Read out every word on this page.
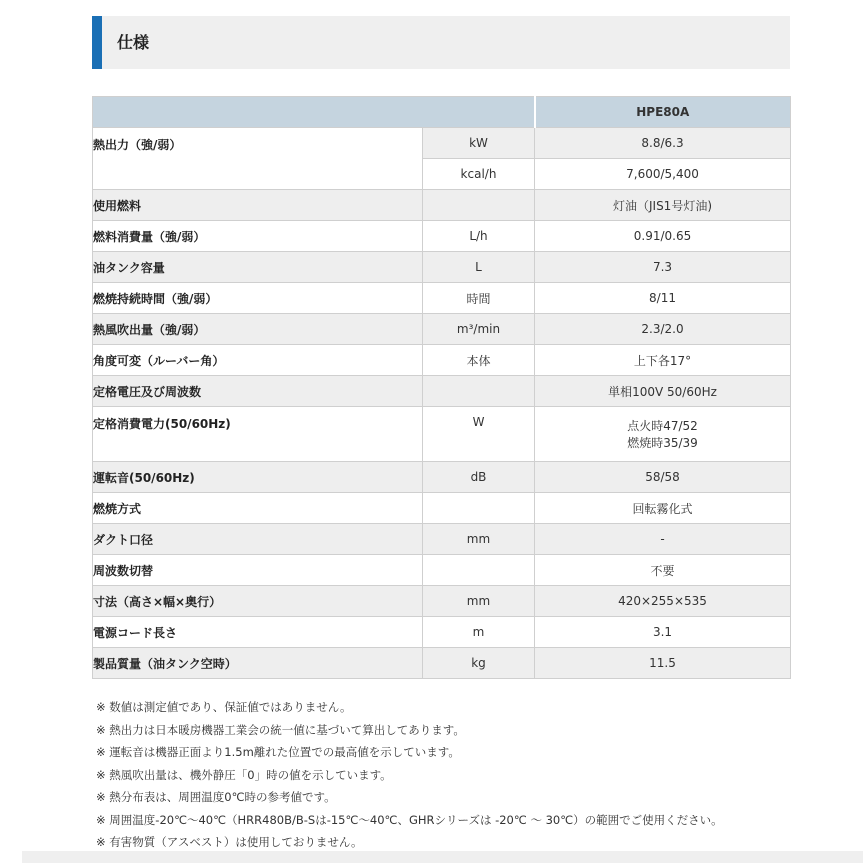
仕様
		HPE80A
熱出力（強/弱）	kW	8.8/6.3
	kcal/h	7,600/5,400
使用燃料		灯油（JIS1号灯油)
燃料消費量（強/弱）	L/h	0.91/0.65
油タンク容量	L	7.3
燃焼持続時間（強/弱）	時間	8/11
熱風吹出量（強/弱）	m³/min	2.3/2.0
角度可変（ルーバー角）	本体	上下各17°
定格電圧及び周波数		単相100V 50/60Hz
定格消費電力(50/60Hz)	W	点火時47/52
燃焼時35/39

運転音(50/60Hz)	dB	58/58
燃焼方式		回転霧化式
ダクト口径	mm	-
周波数切替		不要
寸法（高さ×幅×奥行）	mm	420×255×535
電源コード長さ	m	3.1
製品質量（油タンク空時）	kg	11.5
※ 数値は測定値であり、保証値ではありません。
※ 熱出力は日本暖房機器工業会の統一値に基づいて算出してあります。
※ 運転音は機器正面より1.5m離れた位置での最高値を示しています。
※ 熱風吹出量は、機外静圧「0」時の値を示しています。
※ 熱分布表は、周囲温度0℃時の参考値です。
※ 周囲温度-20℃～40℃（HRR480B/B-Sは-15℃～40℃、GHRシリーズは -20℃ ～ 30℃）の範囲でご使用ください。
※ 有害物質（アスベスト）は使用しておりません。
